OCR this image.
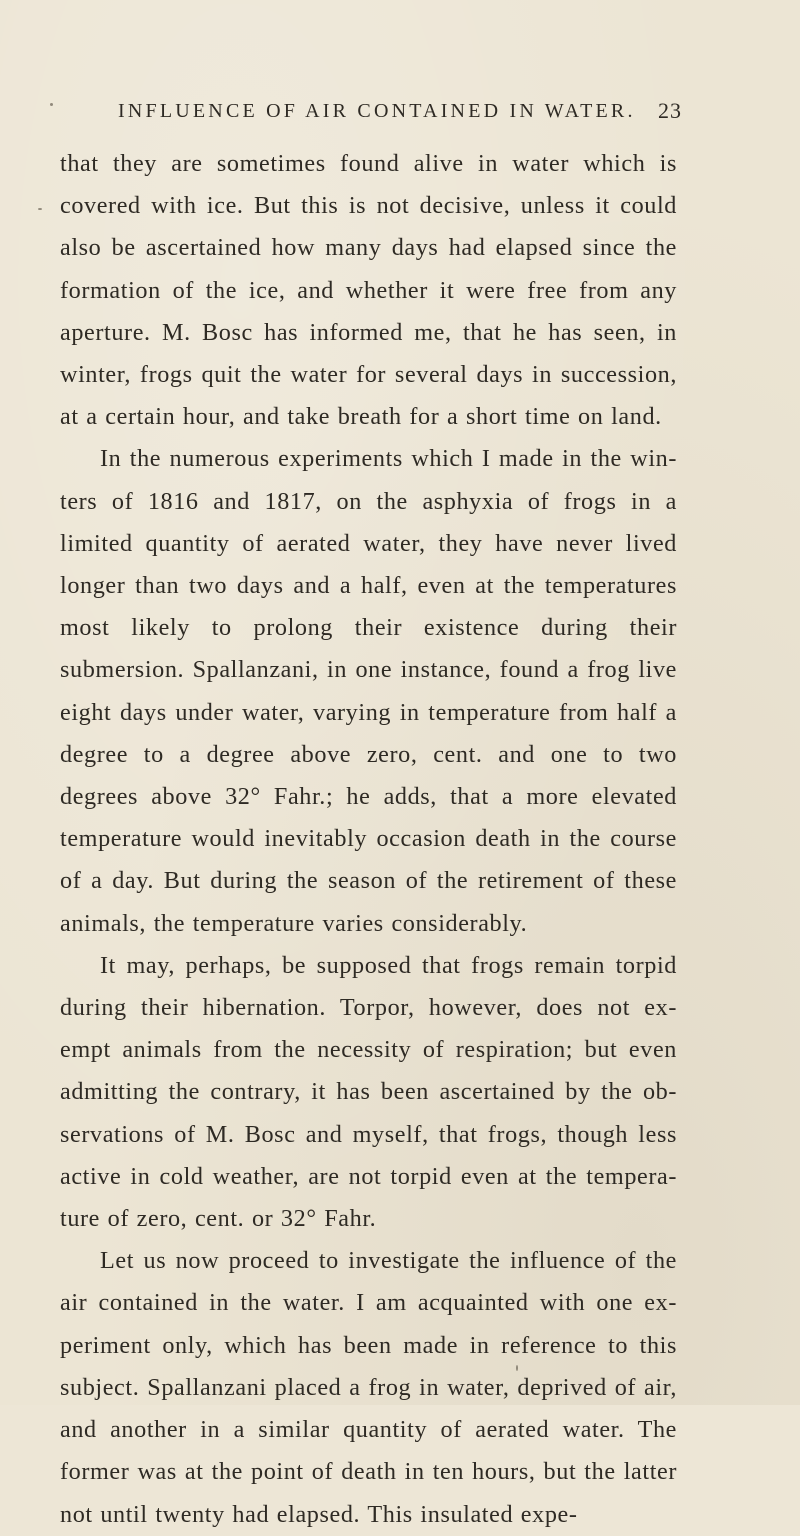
INFLUENCE OF AIR CONTAINED IN WATER. 23

that they are sometimes found alive in water which is covered with ice. But this is not decisive, unless it could also be ascertained how many days had elapsed since the formation of the ice, and whether it were free from any aperture. M. Bosc has informed me, that he has seen, in winter, frogs quit the water for several days in succession, at a certain hour, and take breath for a short time on land.

In the numerous experiments which I made in the win- ters of 1816 and 1817, on the asphyxia of frogs in a limited quantity of aerated water, they have never lived longer than two days and a half, even at the temperatures most likely to prolong their existence during their submersion. Spallanzani, in one instance, found a frog live eight days under water, varying in temperature from half a degree to a degree above zero, cent. and one to two degrees above 32° Fahr.; he adds, that a more elevated temperature would inevitably occasion death in the course of a day. But during the season of the retirement of these animals, the temperature varies considerably.

It may, perhaps, be supposed that frogs remain torpid during their hibernation. Torpor, however, does not ex- empt animals from the necessity of respiration; but even admitting the contrary, it has been ascertained by the ob- servations of M. Bosc and myself, that frogs, though less active in cold weather, are not torpid even at the tempera- ture of zero, cent. or 32° Fahr.

Let us now proceed to investigate the influence of the air contained in the water. I am acquainted with one ex- periment only, which has been made in reference to this subject. Spallanzani placed a frog in water, deprived of air, and another in a similar quantity of aerated water. The former was at the point of death in ten hours, but the latter not until twenty had elapsed. This insulated expe-
